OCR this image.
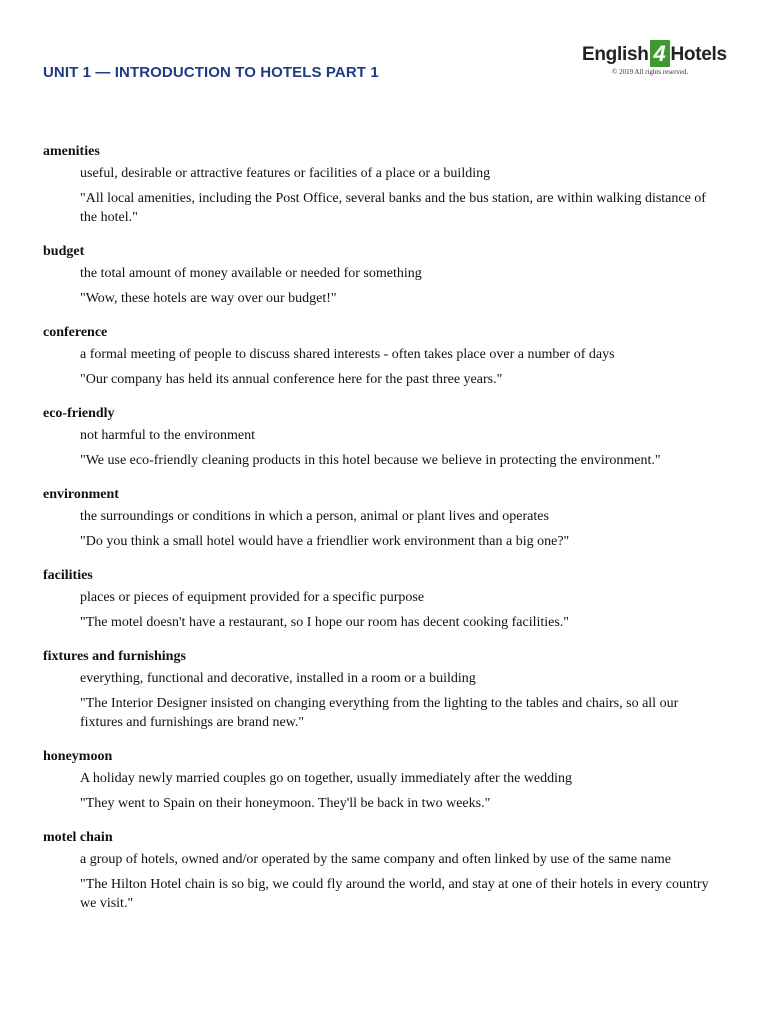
UNIT 1 — INTRODUCTION TO HOTELS PART 1
English 4 Hotels
© 2019 All rights reserved.
amenities
useful, desirable or attractive features or facilities of a place or a building
"All local amenities, including the Post Office, several banks and the bus station, are within walking distance of the hotel."
budget
the total amount of money available or needed for something
"Wow, these hotels are way over our budget!"
conference
a formal meeting of people to discuss shared interests - often takes place over a number of days
"Our company has held its annual conference here for the past three years."
eco-friendly
not harmful to the environment
"We use eco-friendly cleaning products in this hotel because we believe in protecting the environment."
environment
the surroundings or conditions in which a person, animal or plant lives and operates
"Do you think a small hotel would have a friendlier work environment than a big one?"
facilities
places or pieces of equipment provided for a specific purpose
"The motel doesn't have a restaurant, so I hope our room has decent cooking facilities."
fixtures and furnishings
everything, functional and decorative, installed in a room or a building
"The Interior Designer insisted on changing everything from the lighting to the tables and chairs, so all our fixtures and furnishings are brand new."
honeymoon
A holiday newly married couples go on together, usually immediately after the wedding
"They went to Spain on their honeymoon. They'll be back in two weeks."
motel chain
a group of hotels, owned and/or operated by the same company and often linked by use of the same name
"The Hilton Hotel chain is so big, we could fly around the world, and stay at one of their hotels in every country we visit."
